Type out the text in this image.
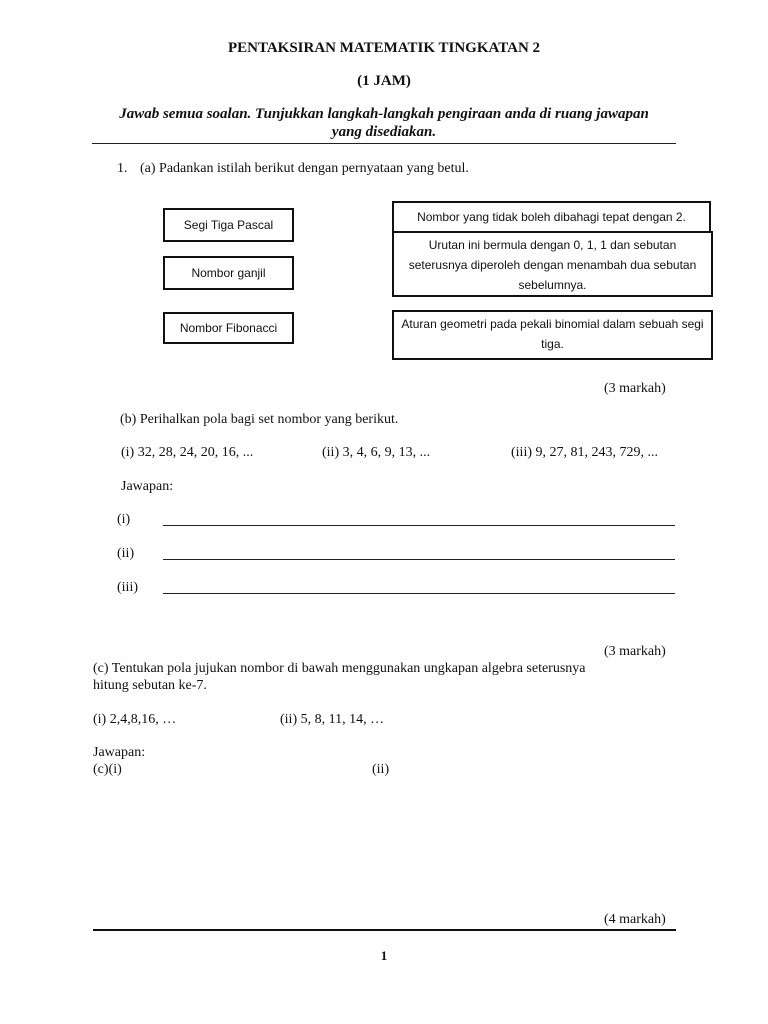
PENTAKSIRAN MATEMATIK TINGKATAN 2
(1 JAM)
Jawab semua soalan. Tunjukkan langkah-langkah pengiraan anda di ruang jawapan
yang disediakan.
1. (a) Padankan istilah berikut dengan pernyataan yang betul.
Segi Tiga Pascal
Nombor ganjil
Nombor Fibonacci
Nombor yang tidak boleh dibahagi tepat dengan 2.
Urutan ini bermula dengan 0, 1, 1 dan sebutan seterusnya diperoleh dengan menambah dua sebutan sebelumnya.
Aturan geometri pada pekali binomial dalam sebuah segi tiga.
(3 markah)
(b) Perihalkan pola bagi set nombor yang berikut.
(i) 32, 28, 24, 20, 16, ...	(ii) 3, 4, 6, 9, 13, ...	(iii) 9, 27, 81, 243, 729, ...
Jawapan:
(i)
(ii)
(iii)
(3 markah)
(c) Tentukan pola jujukan nombor di bawah menggunakan ungkapan algebra seterusnya
hitung sebutan ke-7.
(i) 2,4,8,16, …	(ii) 5, 8, 11, 14, …
Jawapan:
(c)(i)	(ii)
(4 markah)
1
